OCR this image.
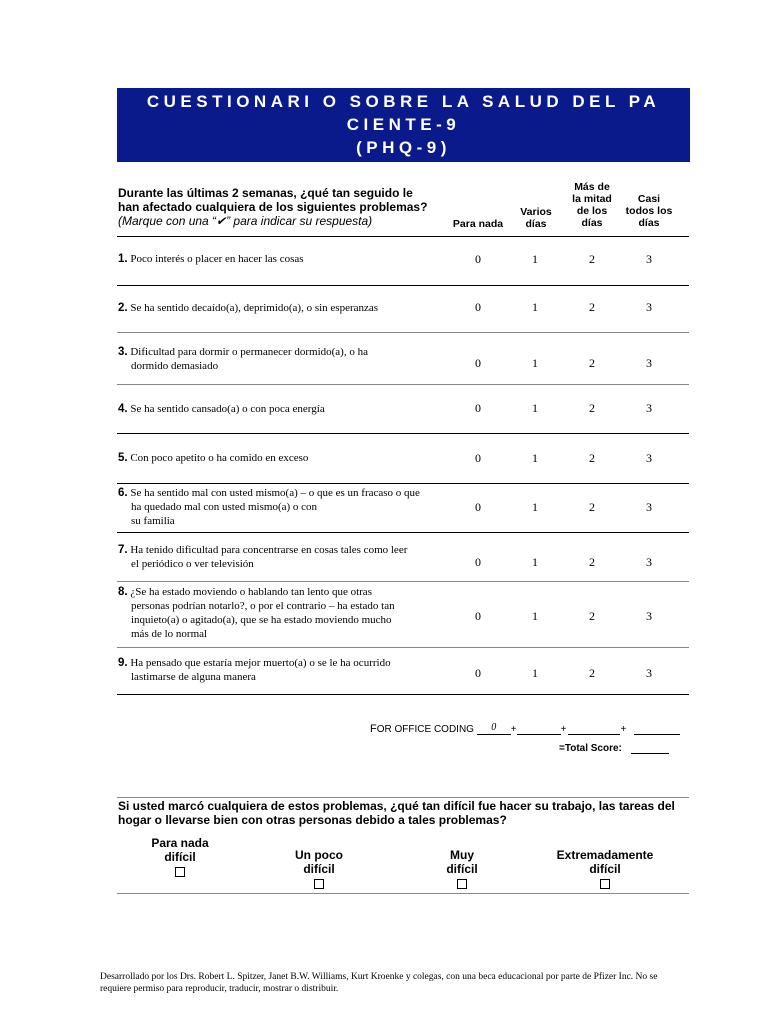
CUESTIONARI O SOBRE LA SALUD DEL PA
CIENTE-9
(PHQ-9)
Durante las últimas 2 semanas, ¿qué tan seguido le
han afectado cualquiera de los siguientes problemas?
(Marque con una “✔” para indicar su respuesta)	Para nada
Varios
días
Más de
la mitad
de los
días
Casi
todos los
días
1. Poco interés o placer en hacer las cosas	0	1	2	3
2. Se ha sentido decaído(a), deprimido(a), o sin esperanzas	0	1	2	3
3. Dificultad para dormir o permanecer dormido(a), o ha
dormido demasiado	0	1	2	3
4. Se ha sentido cansado(a) o con poca energía	0	1	2	3
5. Con poco apetito o ha comido en exceso	0	1	2	3
6. Se ha sentido mal con usted mismo(a) – o que es un fracaso o que
ha quedado mal con usted mismo(a) o con
su familia
0	1	2	3
7. Ha tenido dificultad para concentrarse en cosas tales como leer
el periódico o ver televisión	0	1	2	3
8. ¿Se ha estado moviendo o hablando tan lento que otras
personas podrían notarlo?, o por el contrario – ha estado tan
inquieto(a) o agitado(a), que se ha estado moviendo mucho
más de lo normal
0	1	2	3
9. Ha pensado que estaría mejor muerto(a) o se le ha ocurrido
lastimarse de alguna manera	0	1	2	3
FOR OFFICE CODING 0 +	+	+
=Total Score:
Si usted marcó cualquiera de estos problemas, ¿qué tan difícil fue hacer su trabajo, las tareas del hogar o llevarse bien con otras personas debido a tales problemas?
Para nada
difícil	Un poco
difícil
Muy
difícil
Extremadamente
difícil
Desarrollado por los Drs. Robert L. Spitzer, Janet B.W. Williams, Kurt Kroenke y colegas, con una beca educacional por parte de Pfizer Inc. No se requiere permiso para reproducir, traducir, mostrar o distribuir.
